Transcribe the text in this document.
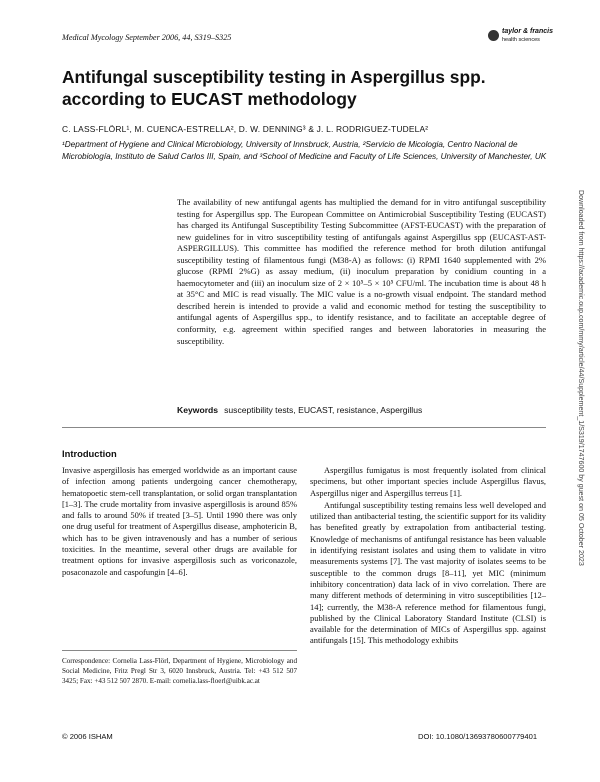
Medical Mycology September 2006, 44, S319–S325
taylor & francis
health sciences
Antifungal susceptibility testing in Aspergillus spp. according to EUCAST methodology
C. LASS-FLÖRL¹, M. CUENCA-ESTRELLA², D. W. DENNING³ & J. L. RODRIGUEZ-TUDELA²
¹Department of Hygiene and Clinical Microbiology, University of Innsbruck, Austria, ²Servicio de Micologia, Centro Nacional de Microbiología, Instituto de Salud Carlos III, Spain, and ³School of Medicine and Faculty of Life Sciences, University of Manchester, UK
The availability of new antifungal agents has multiplied the demand for in vitro antifungal susceptibility testing for Aspergillus spp. The European Committee on Antimicrobial Susceptibility Testing (EUCAST) has charged its Antifungal Susceptibility Testing Subcommittee (AFST-EUCAST) with the preparation of new guidelines for in vitro susceptibility testing of antifungals against Aspergillus spp (EUCAST-AST-ASPERGILLUS). This committee has modified the reference method for broth dilution antifungal susceptibility testing of filamentous fungi (M38-A) as follows: (i) RPMI 1640 supplemented with 2% glucose (RPMI 2%G) as assay medium, (ii) inoculum preparation by conidium counting in a haemocytometer and (iii) an inoculum size of 2 × 10⁵–5 × 10⁵ CFU/ml. The incubation time is about 48 h at 35°C and MIC is read visually. The MIC value is a no-growth visual endpoint. The standard method described herein is intended to provide a valid and economic method for testing the susceptibility to antifungal agents of Aspergillus spp., to identify resistance, and to facilitate an acceptable degree of conformity, e.g. agreement within specified ranges and between laboratories in measuring the susceptibility.
Keywords susceptibility tests, EUCAST, resistance, Aspergillus
Introduction
Invasive aspergillosis has emerged worldwide as an important cause of infection among patients undergoing cancer chemotherapy, hematopoetic stem-cell transplantation, or solid organ transplantation [1–3]. The crude mortality from invasive aspergillosis is around 85% and falls to around 50% if treated [3–5]. Until 1990 there was only one drug useful for treatment of Aspergillus disease, amphotericin B, which has to be given intravenously and has a number of serious toxicities. In the meantime, several other drugs are available for treatment options for invasive aspergillosis such as voriconazole, posaconazole and caspofungin [4–6].
Correspondence: Cornelia Lass-Flörl, Department of Hygiene, Microbiology and Social Medicine, Fritz Pregl Str 3, 6020 Innsbruck, Austria. Tel: +43 512 507 3425; Fax: +43 512 507 2870. E-mail: cornelia.lass-floerl@uibk.ac.at
Aspergillus fumigatus is most frequently isolated from clinical specimens, but other important species include Aspergillus flavus, Aspergillus niger and Aspergillus terreus [1].
Antifungal susceptibility testing remains less well developed and utilized than antibacterial testing, the scientific support for its validity has benefited greatly by extrapolation from antibacterial testing. Knowledge of mechanisms of antifungal resistance has been valuable in identifying resistant isolates and using them to validate in vitro measurements systems [7]. The vast majority of isolates seems to be susceptible to the common drugs [8–11], yet MIC (minimum inhibitory concentration) data lack of in vivo correlation. There are many different methods of determining in vitro susceptibilities [12–14]; currently, the M38-A reference method for filamentous fungi, published by the Clinical Laboratory Standard Institute (CLSI) is available for the determination of MICs of Aspergillus spp. against antifungals [15]. This methodology exhibits
© 2006 ISHAM	DOI: 10.1080/13693780600779401
Downloaded from https://academic.oup.com/mmy/article/44/Supplement_1/S319/1747600 by guest on 05 October 2023
